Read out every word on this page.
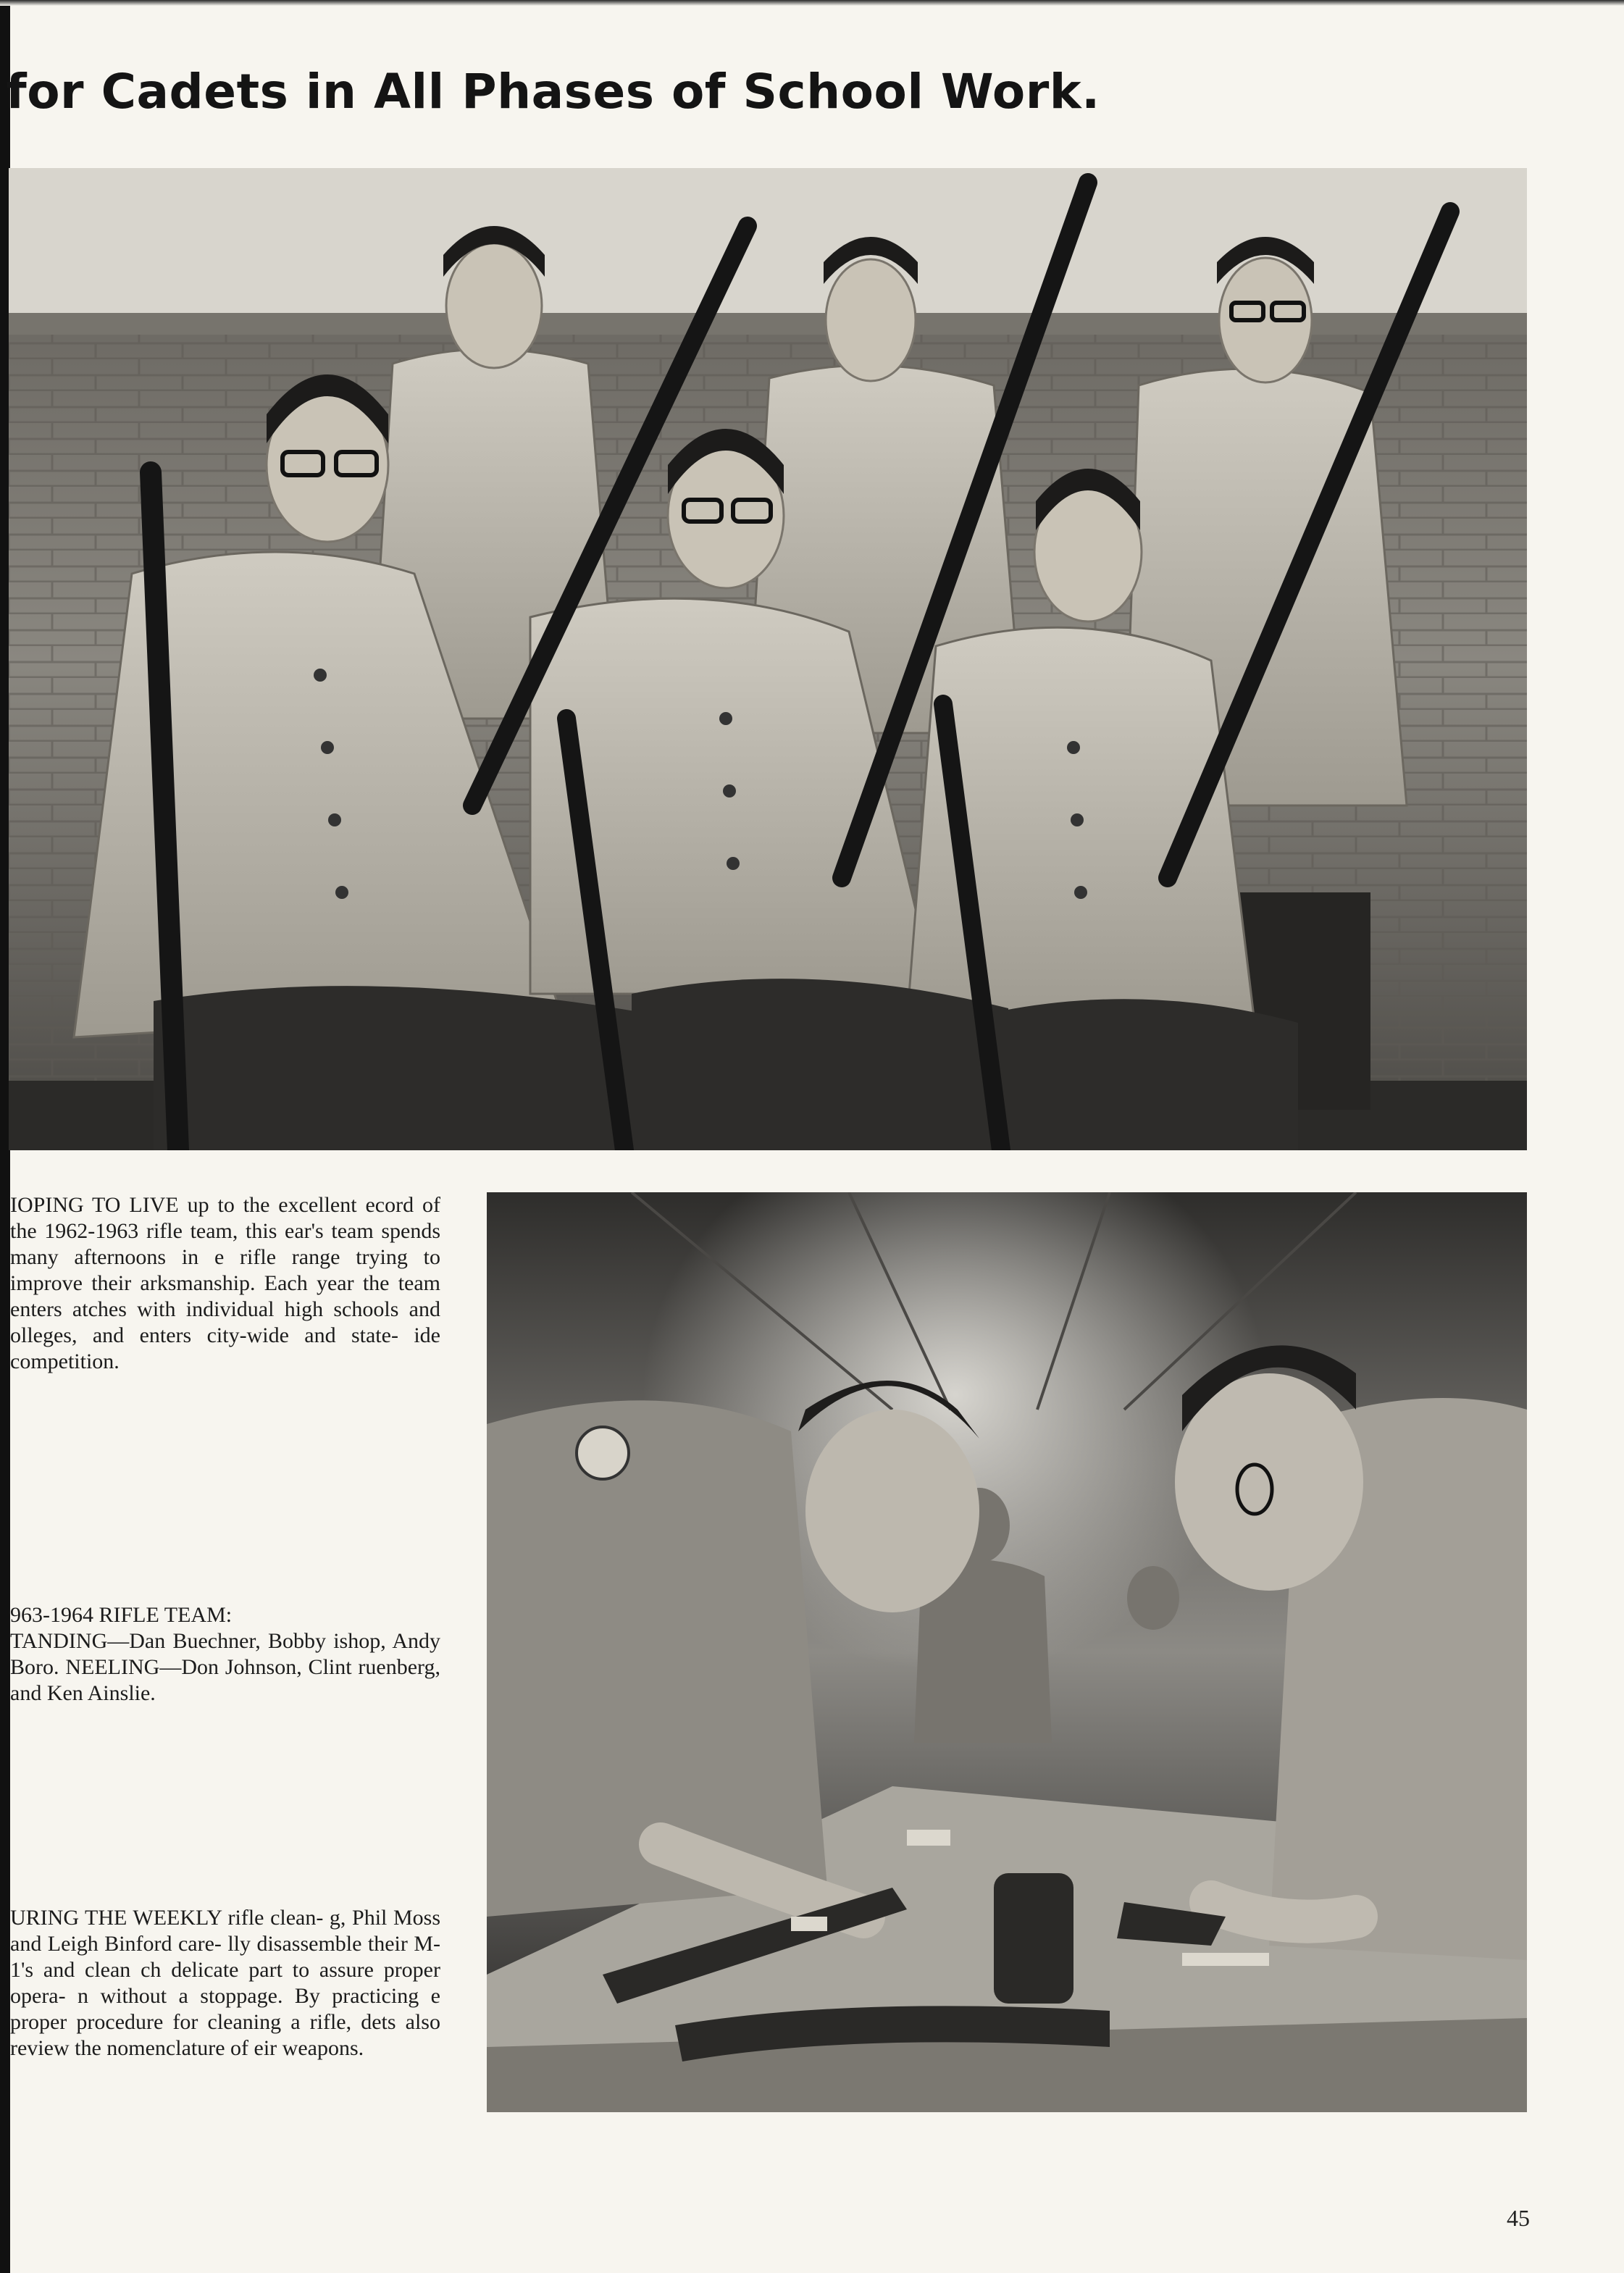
for Cadets in All Phases of School Work.
IOPING TO LIVE up to the excellent ecord of the 1962-1963 rifle team, this ear's team spends many afternoons in e rifle range trying to improve their arksmanship. Each year the team enters atches with individual high schools and olleges, and enters city-wide and state- ide competition.
963-1964 RIFLE TEAM:
TANDING—Dan Buechner, Bobby ishop, Andy Boro. NEELING—Don Johnson, Clint ruenberg, and Ken Ainslie.
URING THE WEEKLY rifle clean- g, Phil Moss and Leigh Binford care- lly disassemble their M-1's and clean ch delicate part to assure proper opera- n without a stoppage. By practicing e proper procedure for cleaning a rifle, dets also review the nomenclature of eir weapons.
45
